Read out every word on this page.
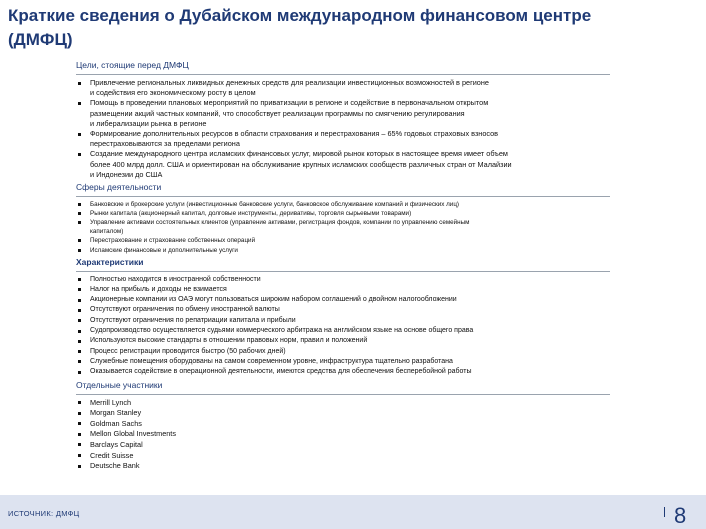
Краткие сведения о Дубайском международном финансовом центре (ДМФЦ)
Цели, стоящие перед ДМФЦ
Привлечение региональных ликвидных денежных средств для реализации инвестиционных возможностей в регионе
и содействия его экономическому росту в целом
Помощь в проведении плановых мероприятий по приватизации в регионе и содействие в первоначальном открытом
размещении акций частных компаний, что способствует реализации программы по смягчению регулирования
и либерализации рынка в регионе
Формирование дополнительных ресурсов в области страхования и перестрахования – 65% годовых страховых взносов
перестраховываются за пределами региона
Создание международного центра исламских финансовых услуг, мировой рынок которых в настоящее время имеет объем
более 400 млрд долл. США и ориентирован на обслуживание крупных исламских сообществ различных стран от Малайзии
и Индонезии до США
Сферы деятельности
Банковские и брокерские услуги (инвестиционные банковские услуги, банковское обслуживание компаний и физических лиц)
Рынки капитала (акционерный капитал, долговые инструменты, деривативы, торговля сырьевыми товарами)
Управление активами состоятельных клиентов (управление активами, регистрация фондов, компании по управлению семейным
капиталом)
Перестрахование и страхование собственных операций
Исламские финансовые и дополнительные услуги
Характеристики
Полностью находится в иностранной собственности
Налог на прибыль и доходы не взимается
Акционерные компании из ОАЭ могут пользоваться широким набором соглашений о двойном налогообложении
Отсутствуют ограничения по обмену иностранной валюты
Отсутствуют ограничения по репатриации капитала и прибыли
Судопроизводство осуществляется судьями коммерческого арбитража на английском языке на основе общего права
Используются высокие стандарты в отношении правовых норм, правил и положений
Процесс регистрации проводится быстро (50 рабочих дней)
Служебные помещения оборудованы на самом современном уровне, инфраструктура тщательно разработана
Оказывается содействие в операционной деятельности, имеются средства для обеспечения бесперебойной работы
Отдельные участники
Merrill Lynch
Morgan Stanley
Goldman Sachs
Mellon Global Investments
Barclays Capital
Credit Suisse
Deutsche Bank
ИСТОЧНИК: ДМФЦ	8
